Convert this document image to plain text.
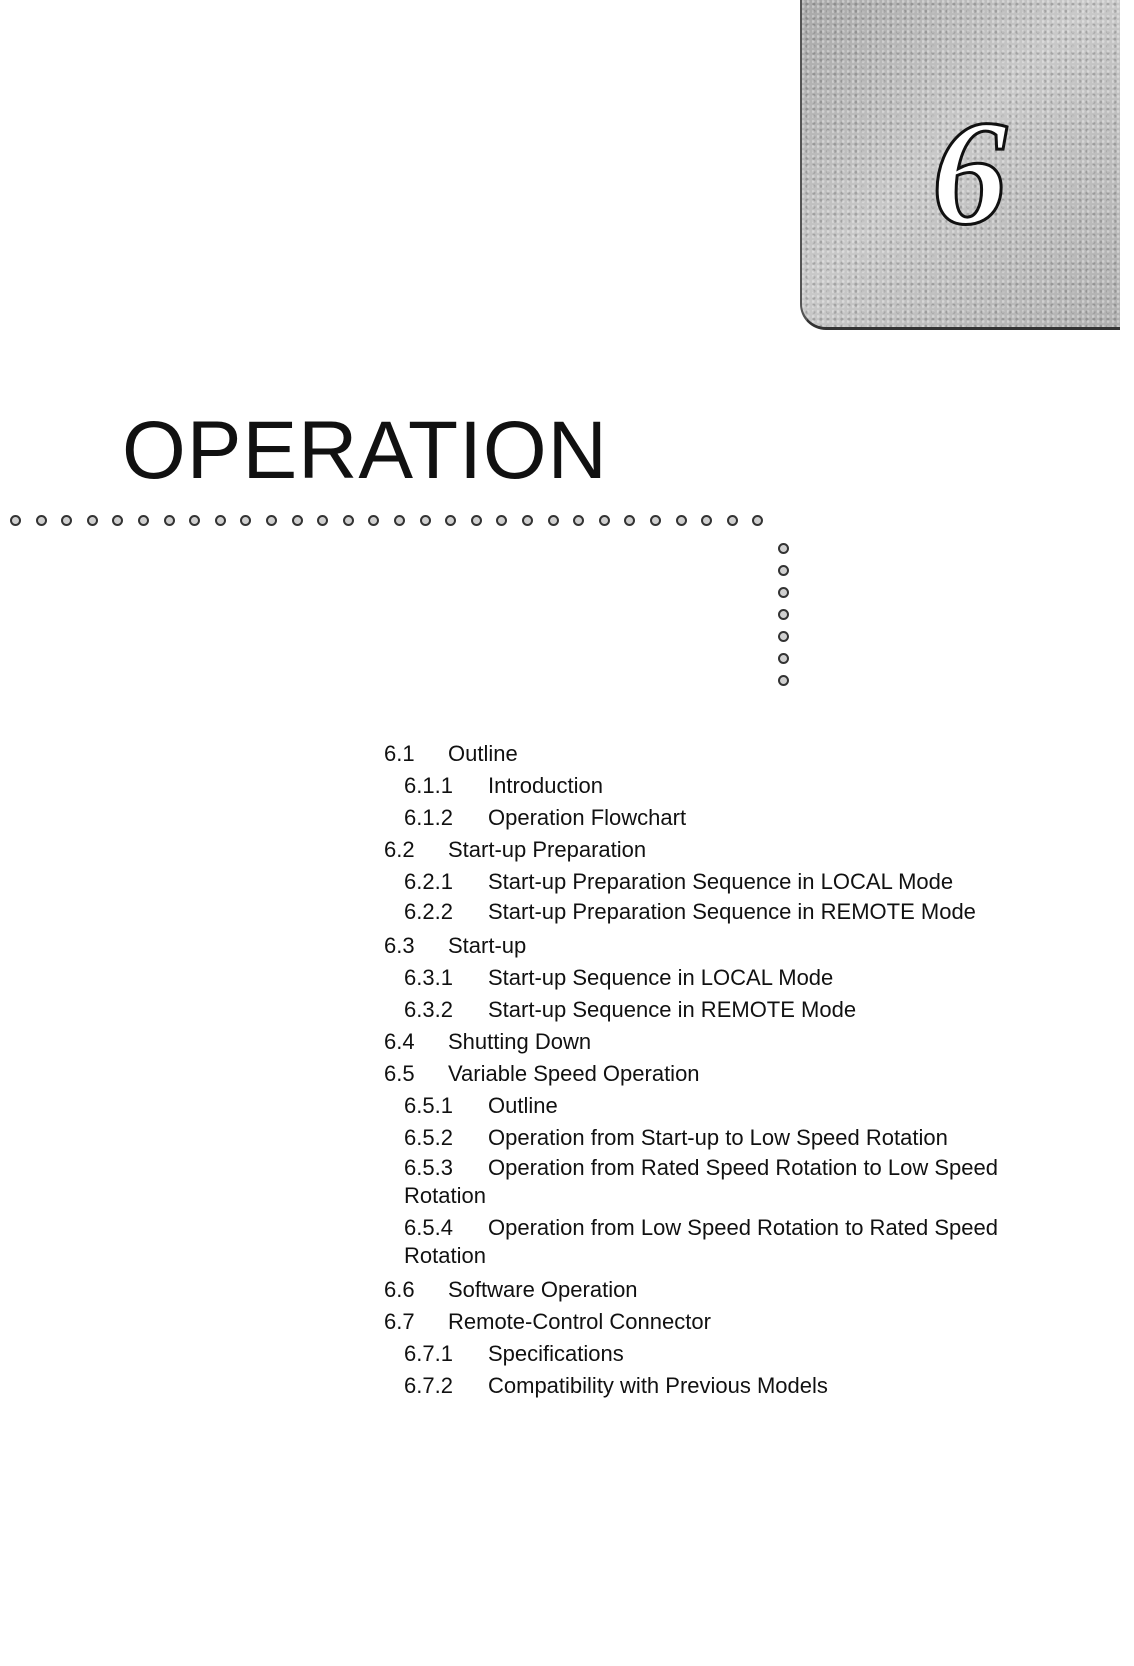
6
OPERATION
6.1 Outline
6.1.1 Introduction
6.1.2 Operation Flowchart
6.2 Start-up Preparation
6.2.1 Start-up Preparation Sequence in LOCAL Mode
6.2.2 Start-up Preparation Sequence in REMOTE Mode
6.3 Start-up
6.3.1 Start-up Sequence in LOCAL Mode
6.3.2 Start-up Sequence in REMOTE Mode
6.4 Shutting Down
6.5 Variable Speed Operation
6.5.1 Outline
6.5.2 Operation from Start-up to Low Speed Rotation
6.5.3 Operation from Rated Speed Rotation to Low Speed Rotation
6.5.4 Operation from Low Speed Rotation to Rated Speed Rotation
6.6 Software Operation
6.7 Remote-Control Connector
6.7.1 Specifications
6.7.2 Compatibility with Previous Models
